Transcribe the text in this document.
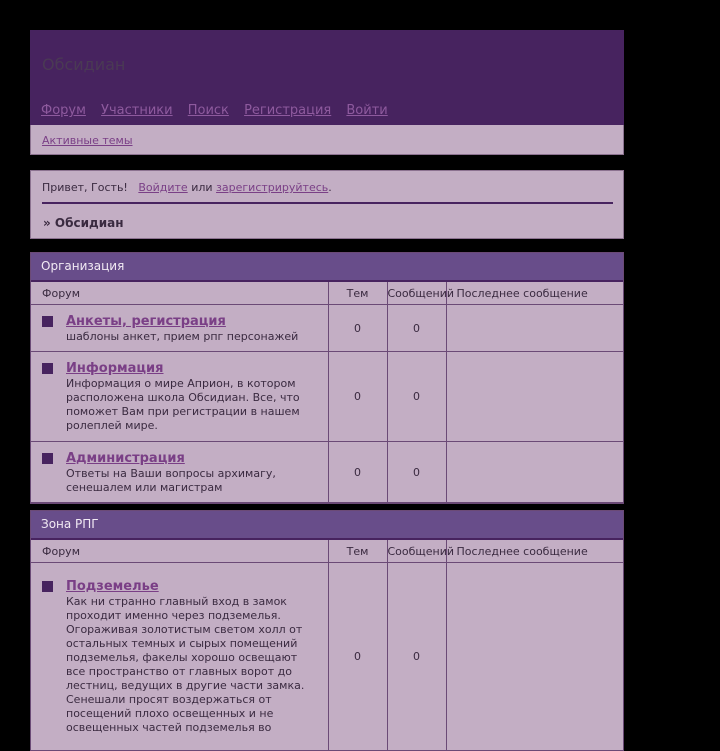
Обсидиан
Форум Участники Поиск Регистрация Войти
Активные темы
Привет, Гость! Войдите или зарегистрируйтесь.
» Обсидиан
Организация
Форум	Тем	Сообщений	Последнее сообщение

Анкеты, регистрация
шаблоны анкет, прием рпг персонажей	0	0	

Информация
Информация о мире Априон, в котором расположена школа Обсидиан. Все, что поможет Вам при регистрации в нашем ролеплей мире.	0	0	

Администрация
Ответы на Ваши вопросы архимагу, сенешалем или магистрам	0	0	
Зона РПГ
Форум	Тем	Сообщений	Последнее сообщение

Подземелье
Как ни странно главный вход в замок проходит именно через подземелья. Огораживая золотистым светом холл от остальных темных и сырых помещений подземелья, факелы хорошо освещают все пространство от главных ворот до лестниц, ведущих в другие части замка. Сенешали просят воздержаться от посещений плохо освещенных и не освещенных частей подземелья во	0	0	
